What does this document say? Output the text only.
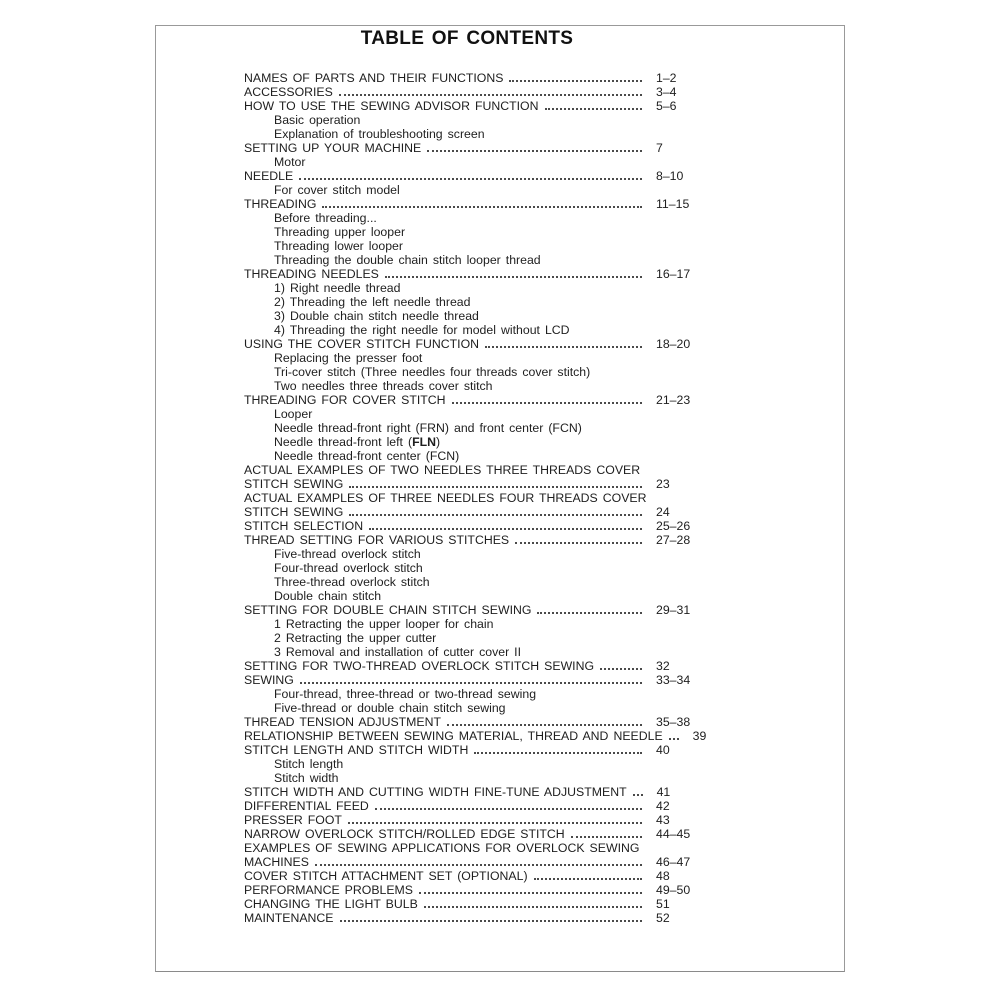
TABLE OF CONTENTS
NAMES OF PARTS AND THEIR FUNCTIONS	1–2
ACCESSORIES	3–4
HOW TO USE THE SEWING ADVISOR FUNCTION	5–6
Basic operation
Explanation of troubleshooting screen
SETTING UP YOUR MACHINE	7
Motor
NEEDLE	8–10
For cover stitch model
THREADING	11–15
Before threading...
Threading upper looper
Threading lower looper
Threading the double chain stitch looper thread
THREADING NEEDLES	16–17
1) Right needle thread
2) Threading the left needle thread
3) Double chain stitch needle thread
4) Threading the right needle for model without LCD
USING THE COVER STITCH FUNCTION	18–20
Replacing the presser foot
Tri-cover stitch (Three needles four threads cover stitch)
Two needles three threads cover stitch
THREADING FOR COVER STITCH	21–23
Looper
Needle thread-front right (FRN) and front center (FCN)
Needle thread-front left (FLN)
Needle thread-front center (FCN)
ACTUAL EXAMPLES OF TWO NEEDLES THREE THREADS COVER
STITCH SEWING	23
ACTUAL EXAMPLES OF THREE NEEDLES FOUR THREADS COVER
STITCH SEWING	24
STITCH SELECTION	25–26
THREAD SETTING FOR VARIOUS STITCHES	27–28
Five-thread overlock stitch
Four-thread overlock stitch
Three-thread overlock stitch
Double chain stitch
SETTING FOR DOUBLE CHAIN STITCH SEWING	29–31
1 Retracting the upper looper for chain
2 Retracting the upper cutter
3 Removal and installation of cutter cover II
SETTING FOR TWO-THREAD OVERLOCK STITCH SEWING	32
SEWING	33–34
Four-thread, three-thread or two-thread sewing
Five-thread or double chain stitch sewing
THREAD TENSION ADJUSTMENT	35–38
RELATIONSHIP BETWEEN SEWING MATERIAL, THREAD AND NEEDLE 39
STITCH LENGTH AND STITCH WIDTH	40
Stitch length
Stitch width
STITCH WIDTH AND CUTTING WIDTH FINE-TUNE ADJUSTMENT 41
DIFFERENTIAL FEED	42
PRESSER FOOT	43
NARROW OVERLOCK STITCH/ROLLED EDGE STITCH	44–45
EXAMPLES OF SEWING APPLICATIONS FOR OVERLOCK SEWING
MACHINES	46–47
COVER STITCH ATTACHMENT SET (OPTIONAL)	48
PERFORMANCE PROBLEMS	49–50
CHANGING THE LIGHT BULB	51
MAINTENANCE	52
